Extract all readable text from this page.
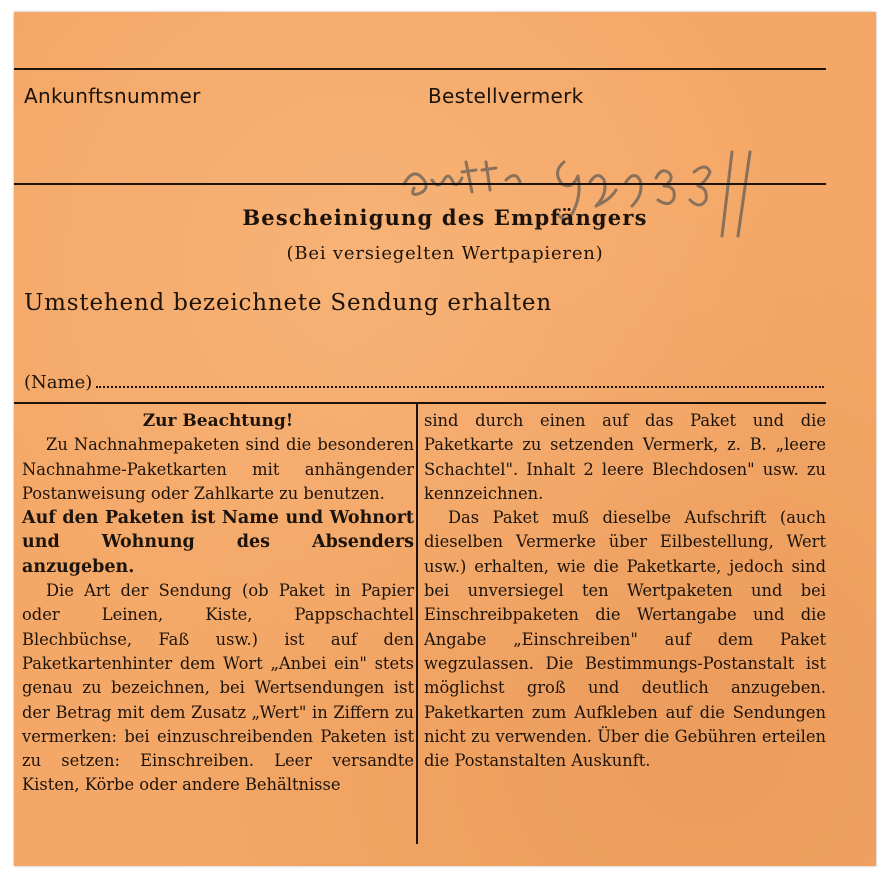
Ankunftsnummer	Bestellvermerk
Bescheinigung des Empfängers
(Bei versiegelten Wertpapieren)
Umstehend bezeichnete Sendung erhalten
(Name)

Zur Beachtung!

Zu Nachnahmepaketen sind die besonderen Nachnahme-Paketkarten mit anhängender Postanweisung oder Zahlkarte zu benutzen.

Auf den Paketen ist Name und Wohnort und Wohnung des Absenders anzugeben.

Die Art der Sendung (ob Paket in Papier oder Leinen, Kiste, Pappschachtel Blechbüchse, Faß usw.) ist auf den Paketkartenhinter dem Wort „Anbei ein" stets genau zu bezeichnen, bei Wertsendungen ist der Betrag mit dem Zusatz „Wert" in Ziffern zu vermerken: bei einzuschreibenden Paketen ist zu setzen: Einschreiben. Leer versandte Kisten, Körbe oder andere Behältnisse

sind durch einen auf das Paket und die Paketkarte zu setzenden Vermerk, z. B. „leere Schachtel". Inhalt 2 leere Blechdosen" usw. zu kennzeichnen.

Das Paket muß dieselbe Aufschrift (auch dieselben Vermerke über Eilbestellung, Wert usw.) erhalten, wie die Paketkarte, jedoch sind bei unversiegel ten Wertpaketen und bei Einschreibpaketen die Wertangabe und die Angabe „Einschreiben" auf dem Paket wegzulassen. Die Bestimmungs-Postanstalt ist möglichst groß und deutlich anzugeben. Paketkarten zum Aufkleben auf die Sendungen nicht zu verwenden. Über die Gebühren erteilen die Postanstalten Auskunft.
